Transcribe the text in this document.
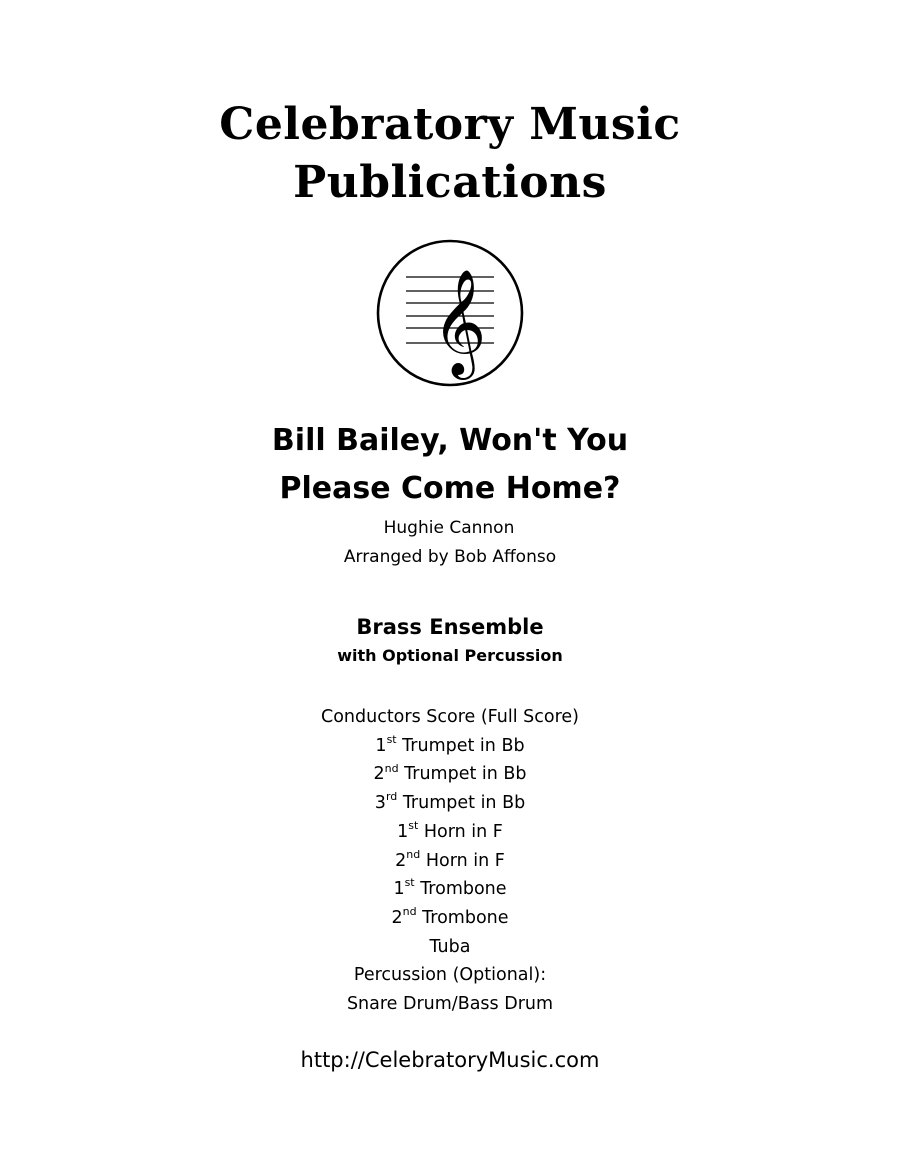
Celebratory Music
Publications
𝄞
Bill Bailey, Won't You
Please Come Home?
Hughie Cannon
Arranged by Bob Affonso
Brass Ensemble
with Optional Percussion
Conductors Score (Full Score)
1st Trumpet in Bb
2nd Trumpet in Bb
3rd Trumpet in Bb
1st Horn in F
2nd Horn in F
1st Trombone
2nd Trombone
Tuba
Percussion (Optional):
Snare Drum/Bass Drum
http://CelebratoryMusic.com
